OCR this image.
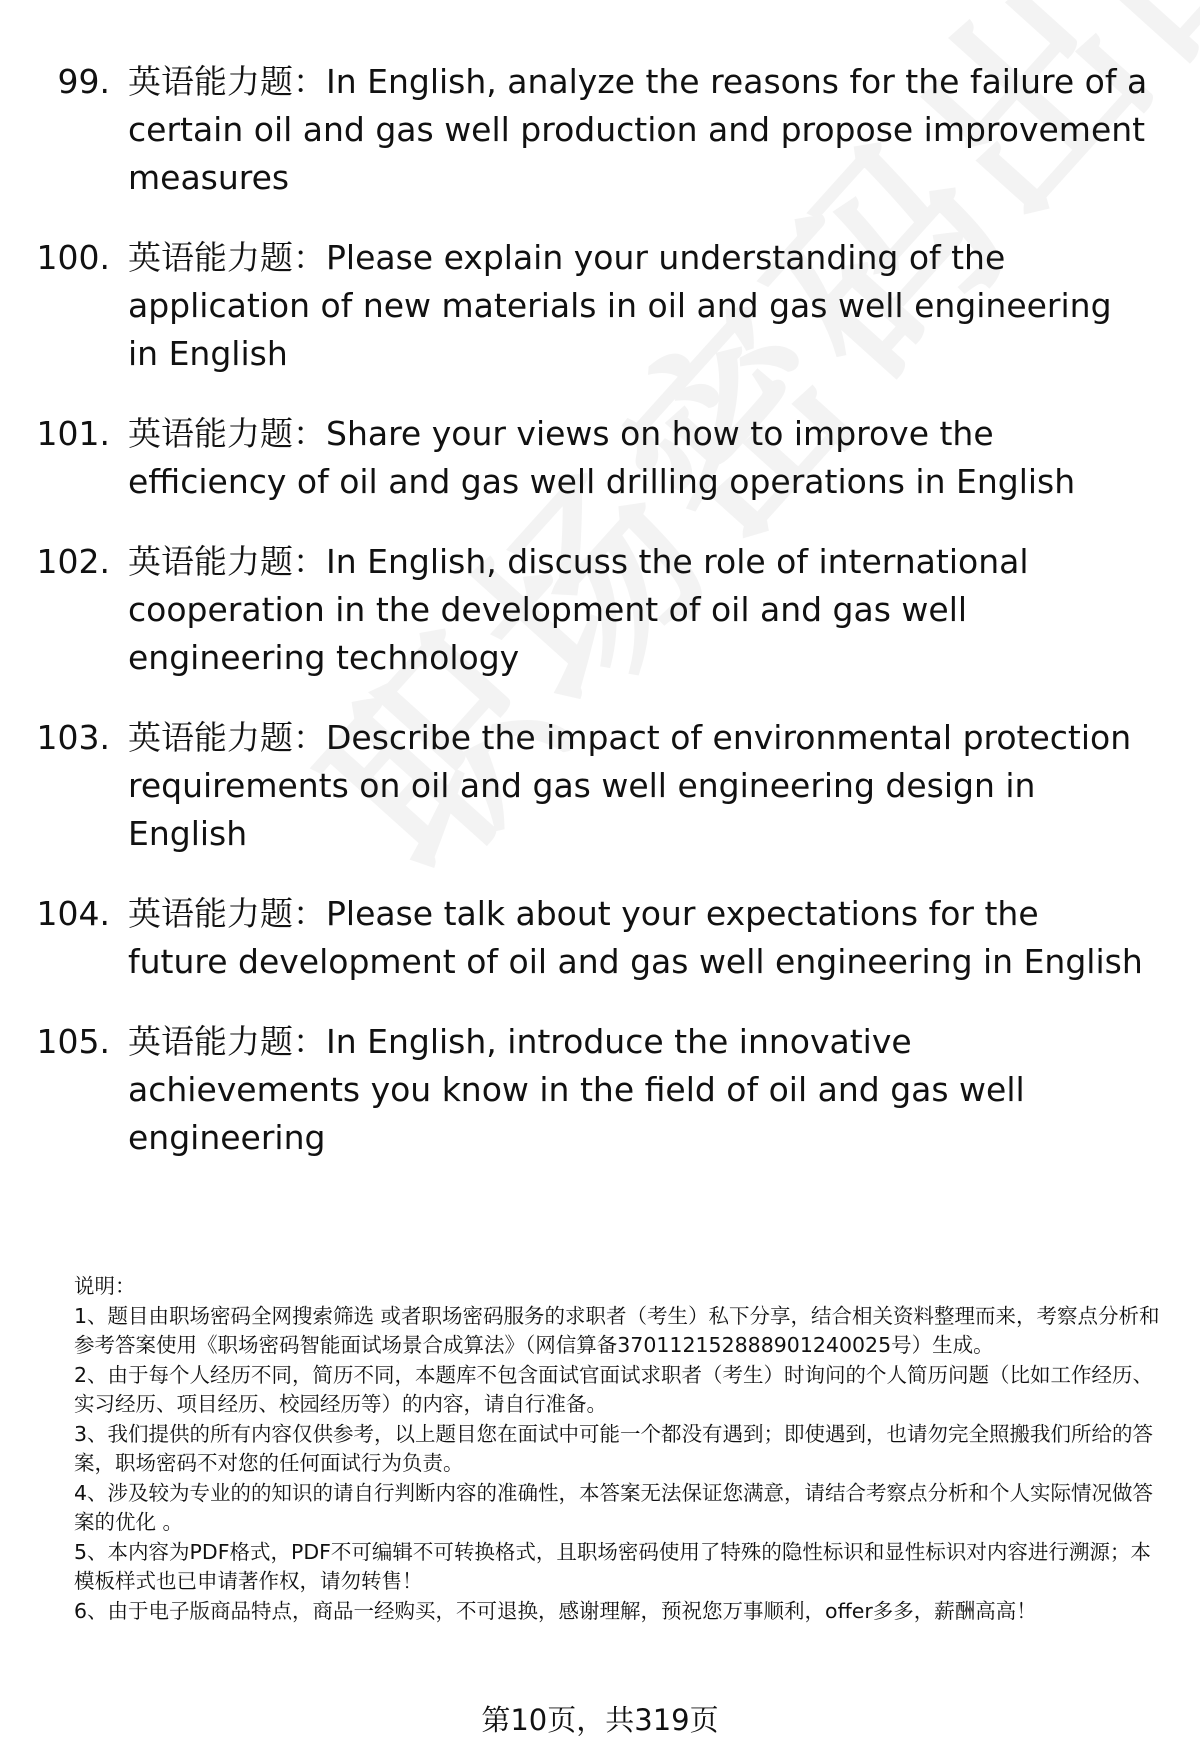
99. 英语能力题：In English, analyze the reasons for the failure of a certain oil and gas well production and propose improvement measures
100. 英语能力题：Please explain your understanding of the application of new materials in oil and gas well engineering in English
101. 英语能力题：Share your views on how to improve the efficiency of oil and gas well drilling operations in English
102. 英语能力题：In English, discuss the role of international cooperation in the development of oil and gas well engineering technology
103. 英语能力题：Describe the impact of environmental protection requirements on oil and gas well engineering design in English
104. 英语能力题：Please talk about your expectations for the future development of oil and gas well engineering in English
105. 英语能力题：In English, introduce the innovative achievements you know in the field of oil and gas well engineering

说明：

1、题目由职场密码全网搜索筛选 或者职场密码服务的求职者（考生）私下分享，结合相关资料整理而来，考察点分析和参考答案使用《职场密码智能面试场景合成算法》（网信算备370112152888901240025号）生成。

2、由于每个人经历不同，简历不同，本题库不包含面试官面试求职者（考生）时询问的个人简历问题（比如工作经历、实习经历、项目经历、校园经历等）的内容，请自行准备。

3、我们提供的所有内容仅供参考，以上题目您在面试中可能一个都没有遇到；即使遇到，也请勿完全照搬我们所给的答案，职场密码不对您的任何面试行为负责。

4、涉及较为专业的的知识的请自行判断内容的准确性，本答案无法保证您满意，请结合考察点分析和个人实际情况做答案的优化 。

5、本内容为PDF格式，PDF不可编辑不可转换格式，且职场密码使用了特殊的隐性标识和显性标识对内容进行溯源；本模板样式也已申请著作权，请勿转售！

6、由于电子版商品特点，商品一经购买，不可退换，感谢理解，预祝您万事顺利，offer多多，薪酬高高！

第10页，共319页
